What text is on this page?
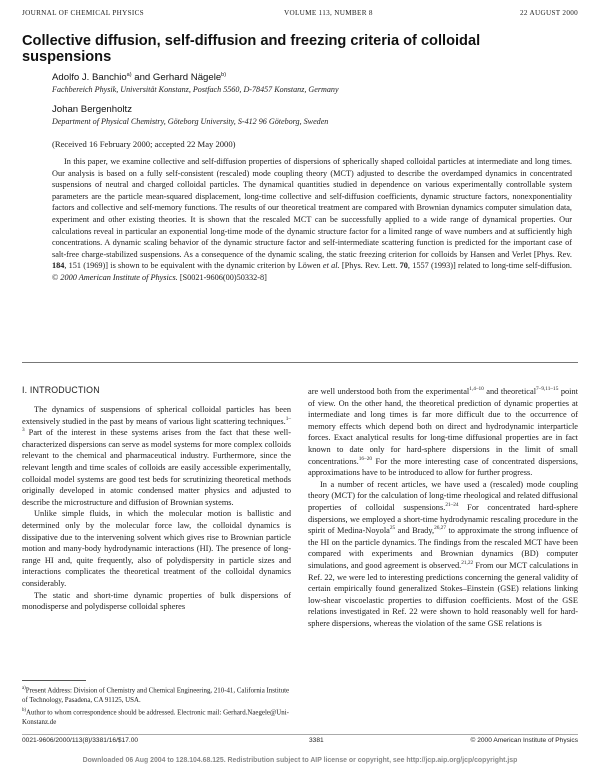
JOURNAL OF CHEMICAL PHYSICS	VOLUME 113, NUMBER 8	22 AUGUST 2000
Collective diffusion, self-diffusion and freezing criteria of colloidal suspensions
Adolfo J. Banchio$^{a)}$ and Gerhard Nägele$^{b)}$
Fachbereich Physik, Universität Konstanz, Postfach 5560, D-78457 Konstanz, Germany
Johan Bergenholtz
Department of Physical Chemistry, Göteborg University, S-412 96 Göteborg, Sweden
(Received 16 February 2000; accepted 22 May 2000)
In this paper, we examine collective and self-diffusion properties of dispersions of spherically shaped colloidal particles at intermediate and long times. Our analysis is based on a fully self-consistent (rescaled) mode coupling theory (MCT) adjusted to describe the overdamped dynamics in concentrated suspensions of neutral and charged colloidal particles. The dynamical quantities studied in dependence on various experimentally controllable system parameters are the particle mean-squared displacement, long-time collective and self-diffusion coefficients, dynamic structure factors, nonexponentiality factors and collective and self-memory functions. The results of our theoretical treatment are compared with Brownian dynamics computer simulation data, experiment and other existing theories. It is shown that the rescaled MCT can be successfully applied to a wide range of dynamical properties. Our calculations reveal in particular an exponential long-time mode of the dynamic structure factor for a limited range of wave numbers and at sufficiently high concentrations. A dynamic scaling behavior of the dynamic structure factor and self-intermediate scattering function is predicted for the important case of salt-free charge-stabilized suspensions. As a consequence of the dynamic scaling, the static freezing criterion for colloids by Hansen and Verlet [Phys. Rev. 184, 151 (1969)] is shown to be equivalent with the dynamic criterion by Löwen et al. [Phys. Rev. Lett. 70, 1557 (1993)] related to long-time self-diffusion. © 2000 American Institute of Physics. [S0021-9606(00)50332-8]
I. INTRODUCTION

The dynamics of suspensions of spherical colloidal particles has been extensively studied in the past by means of various light scattering techniques.$^{1-3}$ Part of the interest in these systems arises from the fact that these well-characterized dispersions can serve as model systems for more complex colloids relevant to the chemical and pharmaceutical industry. Furthermore, since the relevant length and time scales of colloids are easily accessible experimentally, colloidal model systems are good test beds for scrutinizing theoretical methods originally developed in atomic condensed matter physics and adjusted to describe the microstructure and diffusion of Brownian systems.

Unlike simple fluids, in which the molecular motion is ballistic and determined only by the molecular force law, the colloidal dynamics is dissipative due to the intervening solvent which gives rise to Brownian particle motion and many-body hydrodynamic interactions (HI). The presence of long-range HI and, quite frequently, also of polydispersity in particle sizes and interactions complicates the theoretical treatment of the colloidal dynamics considerably.

The static and short-time dynamic properties of bulk dispersions of monodisperse and polydisperse colloidal spheres

are well understood both from the experimental$^{1,4-10}$ and theoretical$^{7-9,11-15}$ point of view. On the other hand, the theoretical prediction of dynamic properties at intermediate and long times is far more difficult due to the occurrence of memory effects which depend both on direct and hydrodynamic interparticle forces. Exact analytical results for long-time diffusional properties are in fact known to date only for hard-sphere dispersions in the limit of small concentrations.$^{16-20}$ For the more interesting case of concentrated dispersions, approximations have to be introduced to allow for further progress.

In a number of recent articles, we have used a (rescaled) mode coupling theory (MCT) for the calculation of long-time rheological and related diffusional properties of colloidal suspensions.$^{21-24}$ For concentrated hard-sphere dispersions, we employed a short-time hydrodynamic rescaling procedure in the spirit of Medina-Noyola$^{25}$ and Brady,$^{26,27}$ to approximate the strong influence of the HI on the particle dynamics. The findings from the rescaled MCT have been compared with experiments and Brownian dynamics (BD) computer simulations, and good agreement is observed.$^{21,22}$ From our MCT calculations in Ref. 22, we were led to interesting predictions concerning the general validity of certain empirically found generalized Stokes–Einstein (GSE) relations linking low-shear viscoelastic properties to diffusion coefficients. Most of the GSE relations investigated in Ref. 22 were shown to hold reasonably well for hard-sphere dispersions, whereas the violation of the same GSE relations is

$^{a)}$Present Address: Division of Chemistry and Chemical Engineering, 210-41, California Institute of Technology, Pasadena, CA 91125, USA.

$^{b)}$Author to whom correspondence should be addressed. Electronic mail: Gerhard.Naegele@Uni-Konstanz.de

0021-9606/2000/113(8)/3381/16/$17.00	3381	© 2000 American Institute of Physics
Downloaded 06 Aug 2004 to 128.104.68.125. Redistribution subject to AIP license or copyright, see http://jcp.aip.org/jcp/copyright.jsp
